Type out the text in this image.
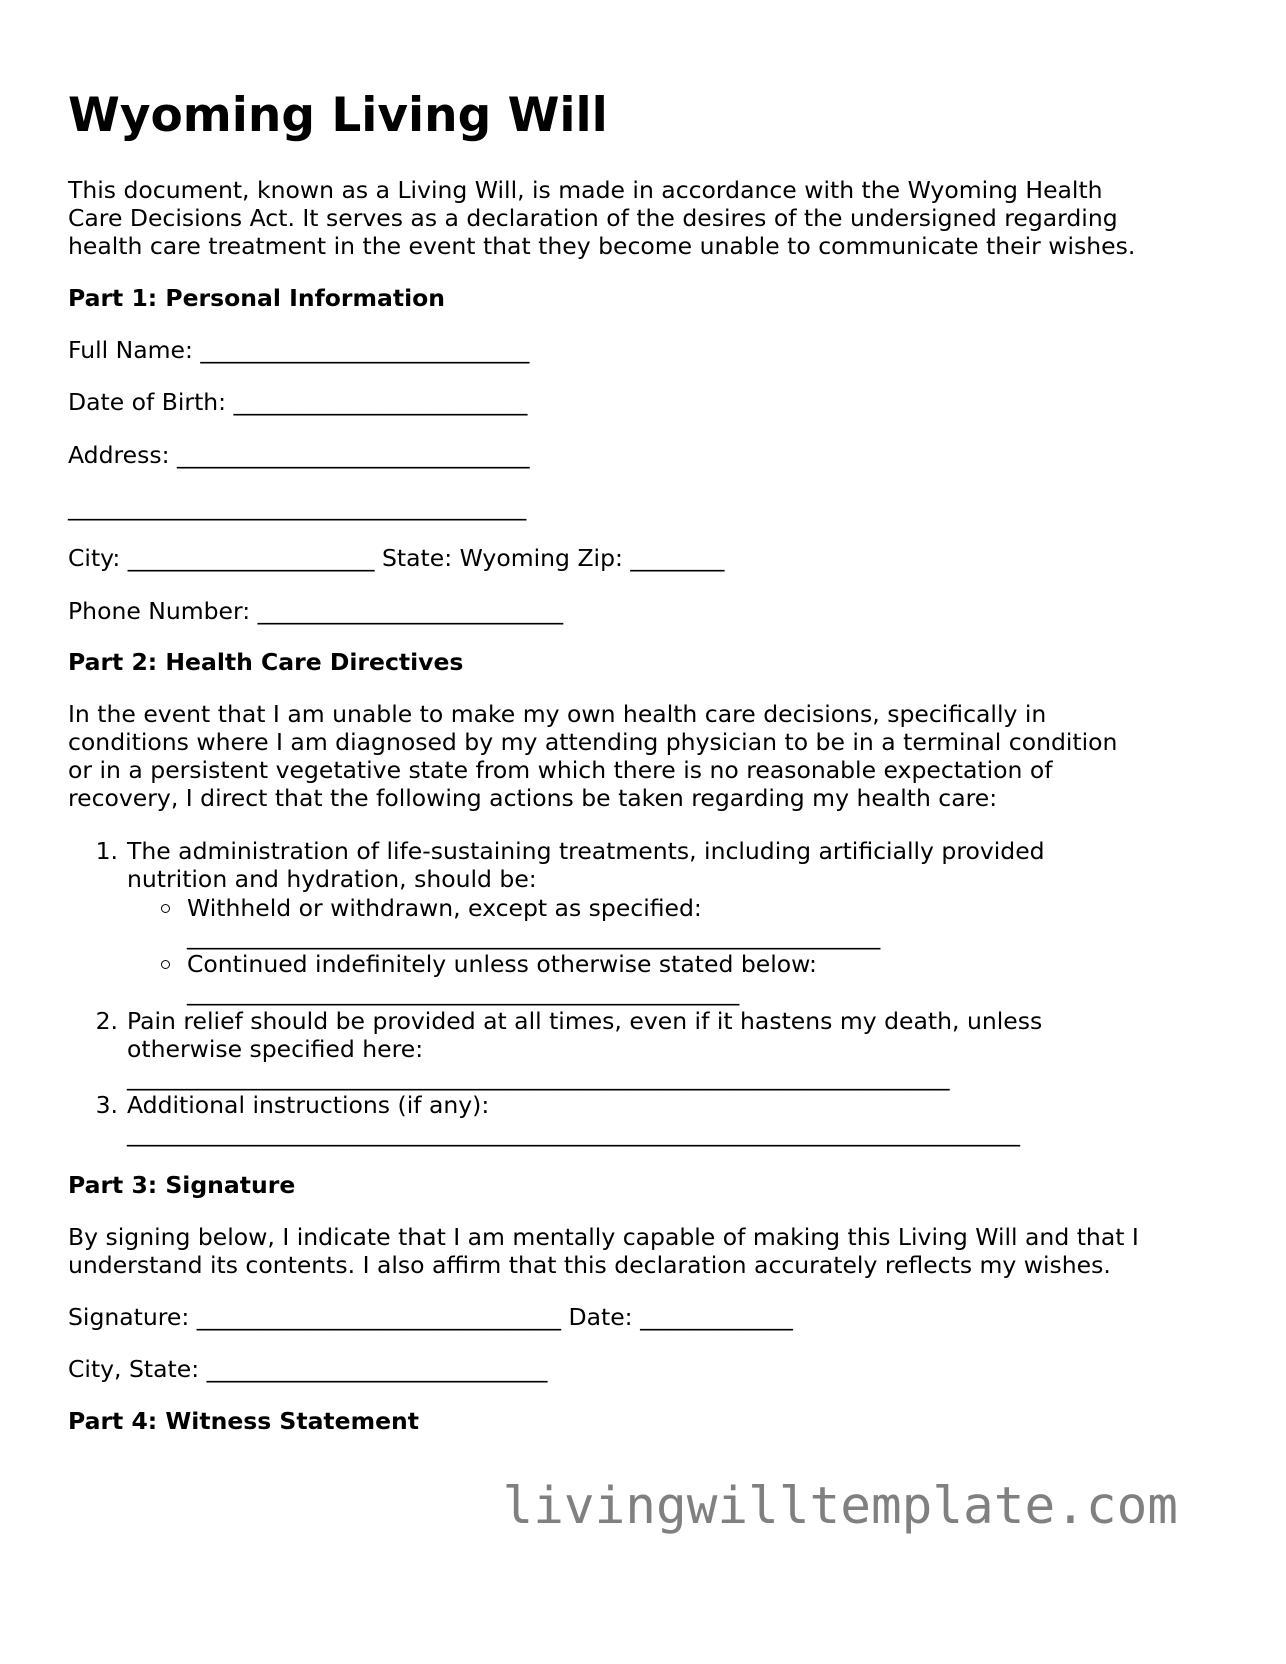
Wyoming Living Will
This document, known as a Living Will, is made in accordance with the Wyoming Health
Care Decisions Act. It serves as a declaration of the desires of the undersigned regarding
health care treatment in the event that they become unable to communicate their wishes.
Part 1: Personal Information
Full Name: ____________________________
Date of Birth: _________________________
Address: ______________________________
_______________________________________
City: _____________________ State: Wyoming Zip: ________
Phone Number: __________________________
Part 2: Health Care Directives
In the event that I am unable to make my own health care decisions, specifically in
conditions where I am diagnosed by my attending physician to be in a terminal condition
or in a persistent vegetative state from which there is no reasonable expectation of
recovery, I direct that the following actions be taken regarding my health care:
1. The administration of life-sustaining treatments, including artificially provided
nutrition and hydration, should be:
Withheld or withdrawn, except as specified:
___________________________________________________________
Continued indefinitely unless otherwise stated below:
_______________________________________________
2. Pain relief should be provided at all times, even if it hastens my death, unless
otherwise specified here:
______________________________________________________________________
3. Additional instructions (if any):
____________________________________________________________________________
Part 3: Signature
By signing below, I indicate that I am mentally capable of making this Living Will and that I
understand its contents. I also affirm that this declaration accurately reflects my wishes.
Signature: _______________________________ Date: _____________
City, State: _____________________________
Part 4: Witness Statement
livingwilltemplate.com
